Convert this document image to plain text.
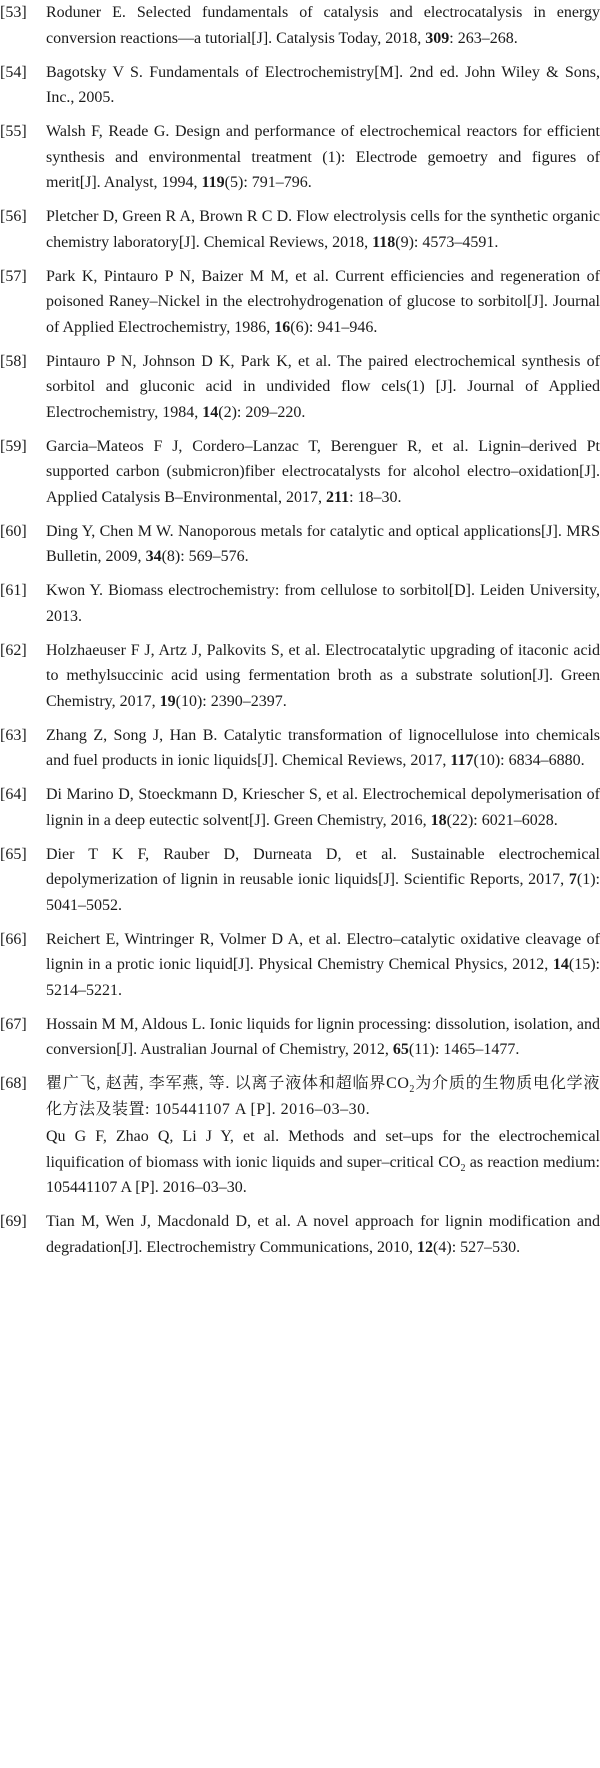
[53]	Roduner E. Selected fundamentals of catalysis and electrocatalysis in energy conversion reactions—a tutorial[J]. Catalysis Today, 2018, 309: 263–268.
[54]	Bagotsky V S. Fundamentals of Electrochemistry[M]. 2nd ed. John Wiley & Sons, Inc., 2005.
[55]	Walsh F, Reade G. Design and performance of electrochemical reactors for efficient synthesis and environmental treatment (1): Electrode gemoetry and figures of merit[J]. Analyst, 1994, 119(5): 791–796.
[56]	Pletcher D, Green R A, Brown R C D. Flow electrolysis cells for the synthetic organic chemistry laboratory[J]. Chemical Reviews, 2018, 118(9): 4573–4591.
[57]	Park K, Pintauro P N, Baizer M M, et al. Current efficiencies and regeneration of poisoned Raney–Nickel in the electrohydrogenation of glucose to sorbitol[J]. Journal of Applied Electrochemistry, 1986, 16(6): 941–946.
[58]	Pintauro P N, Johnson D K, Park K, et al. The paired electrochemical synthesis of sorbitol and gluconic acid in undivided flow cels(1) [J]. Journal of Applied Electrochemistry, 1984, 14(2): 209–220.
[59]	Garcia–Mateos F J, Cordero–Lanzac T, Berenguer R, et al. Lignin–derived Pt supported carbon (submicron)fiber electrocatalysts for alcohol electro–oxidation[J]. Applied Catalysis B–Environmental, 2017, 211: 18–30.
[60]	Ding Y, Chen M W. Nanoporous metals for catalytic and optical applications[J]. MRS Bulletin, 2009, 34(8): 569–576.
[61]	Kwon Y. Biomass electrochemistry: from cellulose to sorbitol[D]. Leiden University, 2013.
[62]	Holzhaeuser F J, Artz J, Palkovits S, et al. Electrocatalytic upgrading of itaconic acid to methylsuccinic acid using fermentation broth as a substrate solution[J]. Green Chemistry, 2017, 19(10): 2390–2397.
[63]	Zhang Z, Song J, Han B. Catalytic transformation of lignocellulose into chemicals and fuel products in ionic liquids[J]. Chemical Reviews, 2017, 117(10): 6834–6880.
[64]	Di Marino D, Stoeckmann D, Kriescher S, et al. Electrochemical depolymerisation of lignin in a deep eutectic solvent[J]. Green Chemistry, 2016, 18(22): 6021–6028.
[65]	Dier T K F, Rauber D, Durneata D, et al. Sustainable electrochemical depolymerization of lignin in reusable ionic liquids[J]. Scientific Reports, 2017, 7(1): 5041–5052.
[66]	Reichert E, Wintringer R, Volmer D A, et al. Electro–catalytic oxidative cleavage of lignin in a protic ionic liquid[J]. Physical Chemistry Chemical Physics, 2012, 14(15): 5214–5221.
[67]	Hossain M M, Aldous L. Ionic liquids for lignin processing: dissolution, isolation, and conversion[J]. Australian Journal of Chemistry, 2012, 65(11): 1465–1477.
[68]	瞿广飞, 赵茜, 李军燕, 等. 以离子液体和超临界$CO_2$为介质的生物质电化学液化方法及装置: 105441107 A [P]. 2016–03–30.
Qu G F, Zhao Q, Li J Y, et al. Methods and set–ups for the electrochemical liquification of biomass with ionic liquids and super–critical $CO_2$ as reaction medium: 105441107 A [P]. 2016–03–30.
[69]	Tian M, Wen J, Macdonald D, et al. A novel approach for lignin modification and degradation[J]. Electrochemistry Communications, 2010, 12(4): 527–530.
